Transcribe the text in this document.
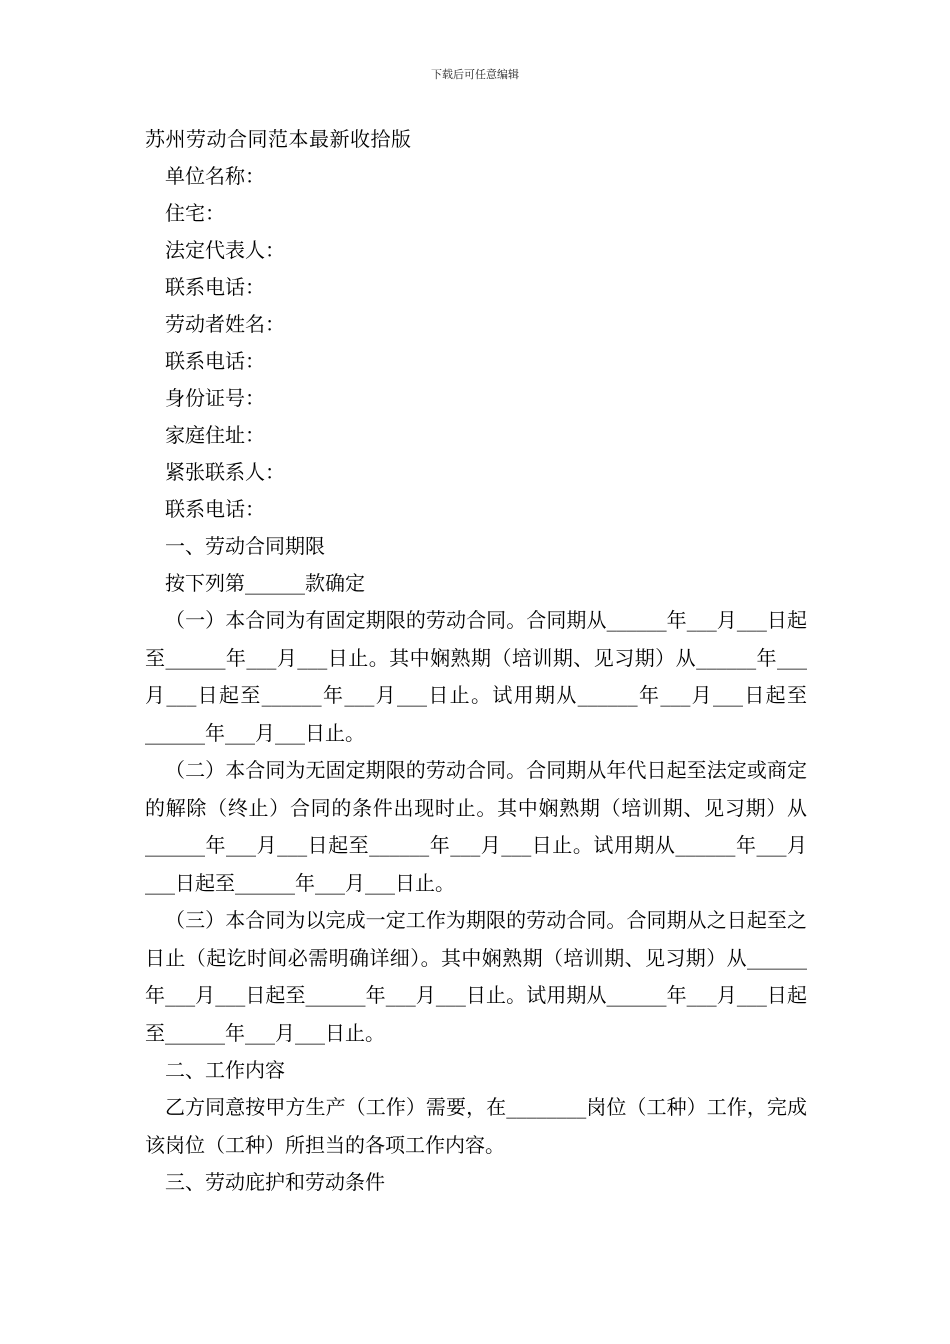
下载后可任意编辑
苏州劳动合同范本最新收拾版
单位名称：
住宅：
法定代表人：
联系电话：
劳动者姓名：
联系电话：
身份证号：
家庭住址：
紧张联系人：
联系电话：
一、劳动合同期限
按下列第______款确定
（一）本合同为有固定期限的劳动合同。合同期从______年___月___日起至______年___月___日止。其中娴熟期（培训期、见习期）从______年___月___日起至______年___月___日止。试用期从______年___月___日起至______年___月___日止。
（二）本合同为无固定期限的劳动合同。合同期从年代日起至法定或商定的解除（终止）合同的条件出现时止。其中娴熟期（培训期、见习期）从______年___月___日起至______年___月___日止。试用期从______年___月___日起至______年___月___日止。
（三）本合同为以完成一定工作为期限的劳动合同。合同期从之日起至之日止（起讫时间必需明确详细）。其中娴熟期（培训期、见习期）从______年___月___日起至______年___月___日止。试用期从______年___月___日起至______年___月___日止。
二、工作内容
乙方同意按甲方生产（工作）需要，在________岗位（工种）工作，完成该岗位（工种）所担当的各项工作内容。
三、劳动庇护和劳动条件
